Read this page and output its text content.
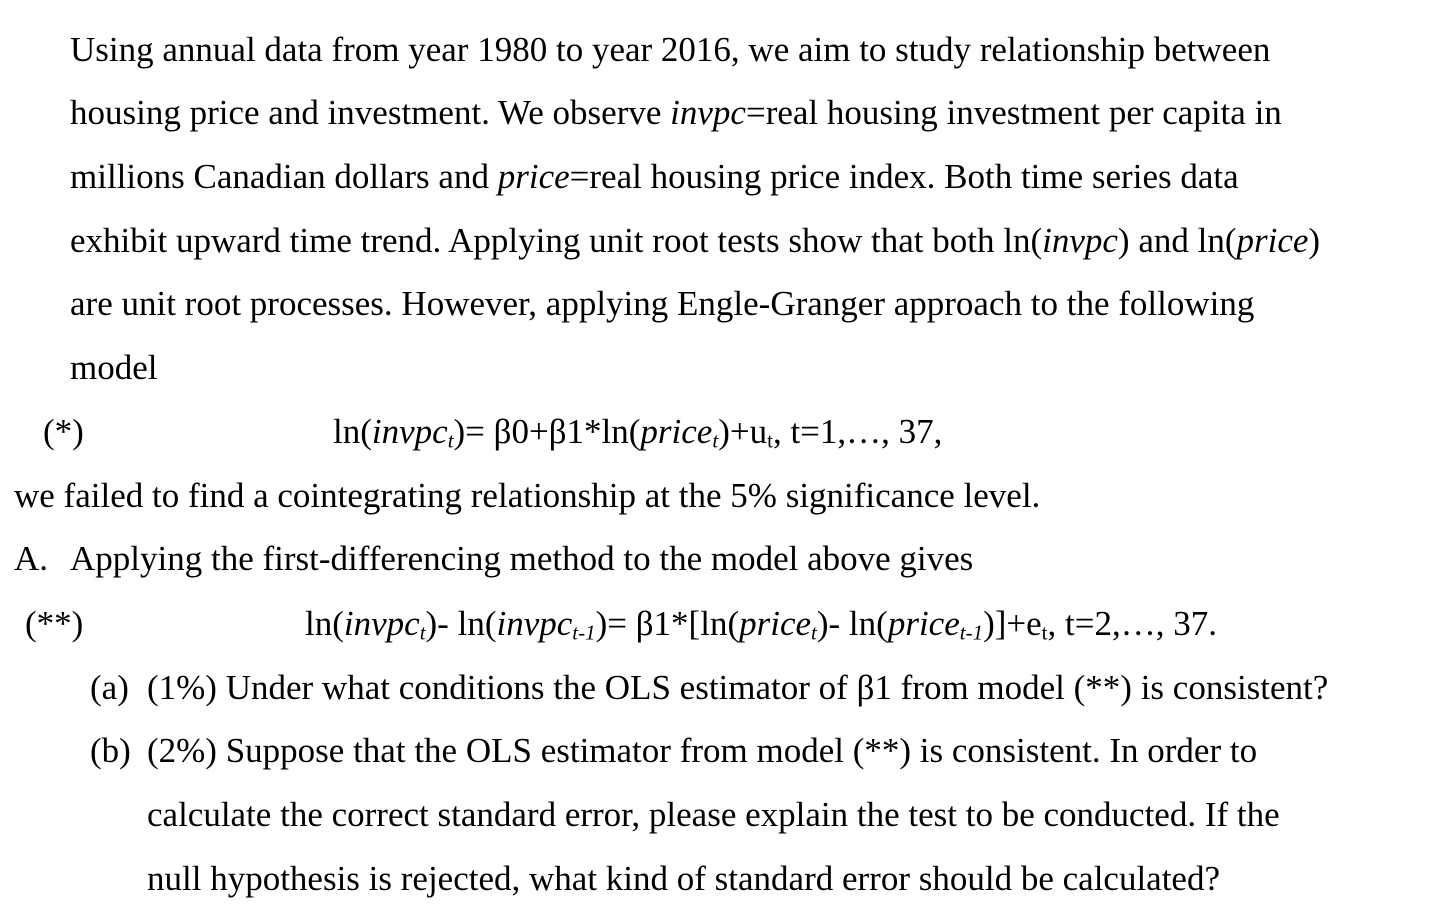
Using annual data from year 1980 to year 2016, we aim to study relationship between
housing price and investment. We observe invpc=real housing investment per capita in
millions Canadian dollars and price=real housing price index. Both time series data
exhibit upward time trend. Applying unit root tests show that both ln(invpc) and ln(price)
are unit root processes. However, applying Engle-Granger approach to the following
model
(*)	ln(invpc$_t$)= $\beta 0+\beta 1*\ln(price_t)+u_t$, t=1,…, 37,
we failed to find a cointegrating relationship at the 5% significance level.
A. Applying the first-differencing method to the model above gives
(**)	ln(invpc$_t$)- ln(invpc$_{t-1}$)= β1*[ln(price$_t$)- $\ln(price_{t-1})]+e_t$, t=2,…, 37.
(a) (1%) Under what conditions the OLS estimator of β1 from model (**) is consistent?
(b) (2%) Suppose that the OLS estimator from model (**) is consistent. In order to
calculate the correct standard error, please explain the test to be conducted. If the
null hypothesis is rejected, what kind of standard error should be calculated?
